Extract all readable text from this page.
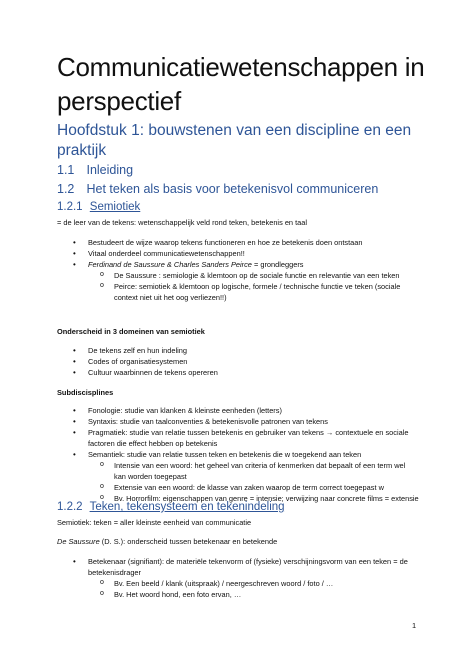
Communicatiewetenschappen in perspectief
Hoofdstuk 1: bouwstenen van een discipline en een praktijk
1.1 Inleiding
1.2 Het teken als basis voor betekenisvol communiceren
1.2.1 Semiotiek
= de leer van de tekens: wetenschappelijk veld rond teken, betekenis en taal
• Bestudeert de wijze waarop tekens functioneren en hoe ze betekenis doen ontstaan
• Vitaal onderdeel communicatiewetenschappen!!
• Ferdinand de Saussure & Charles Sanders Peirce = grondleggers
o De Saussure : semiologie & klemtoon op de sociale functie en relevantie van een teken
o Peirce: semiotiek & klemtoon op logische, formele / technische functie ve teken (sociale context niet uit het oog verliezen!!)
Onderscheid in 3 domeinen van semiotiek
• De tekens zelf en hun indeling
• Codes of organisatiesystemen
• Cultuur waarbinnen de tekens opereren
Subdiscisplines
• Fonologie: studie van klanken & kleinste eenheden (letters)
• Syntaxis: studie van taalconventies & betekenisvolle patronen van tekens
• Pragmatiek: studie van relatie tussen betekenis en gebruiker van tekens → contextuele en sociale factoren die effect hebben op betekenis
• Semantiek: studie van relatie tussen teken en betekenis die w toegekend aan teken
o Intensie van een woord: het geheel van criteria of kenmerken dat bepaalt of een term wel kan worden toegepast
o Extensie van een woord: de klasse van zaken waarop de term correct toegepast w
o Bv. Horrorfilm: eigenschappen van genre = intensie; verwijzing naar concrete films = extensie
1.2.2 Teken, tekensysteem en tekenindeling
Semiotiek: teken = aller kleinste eenheid van communicatie
De Saussure (D. S.): onderscheid tussen betekenaar en betekende
• Betekenaar (signifiant): de materiële tekenvorm of (fysieke) verschijningsvorm van een teken = de betekenisdrager
o Bv. Een beeld / klank (uitspraak) / neergeschreven woord / foto / …
o Bv. Het woord hond, een foto ervan, …
1
